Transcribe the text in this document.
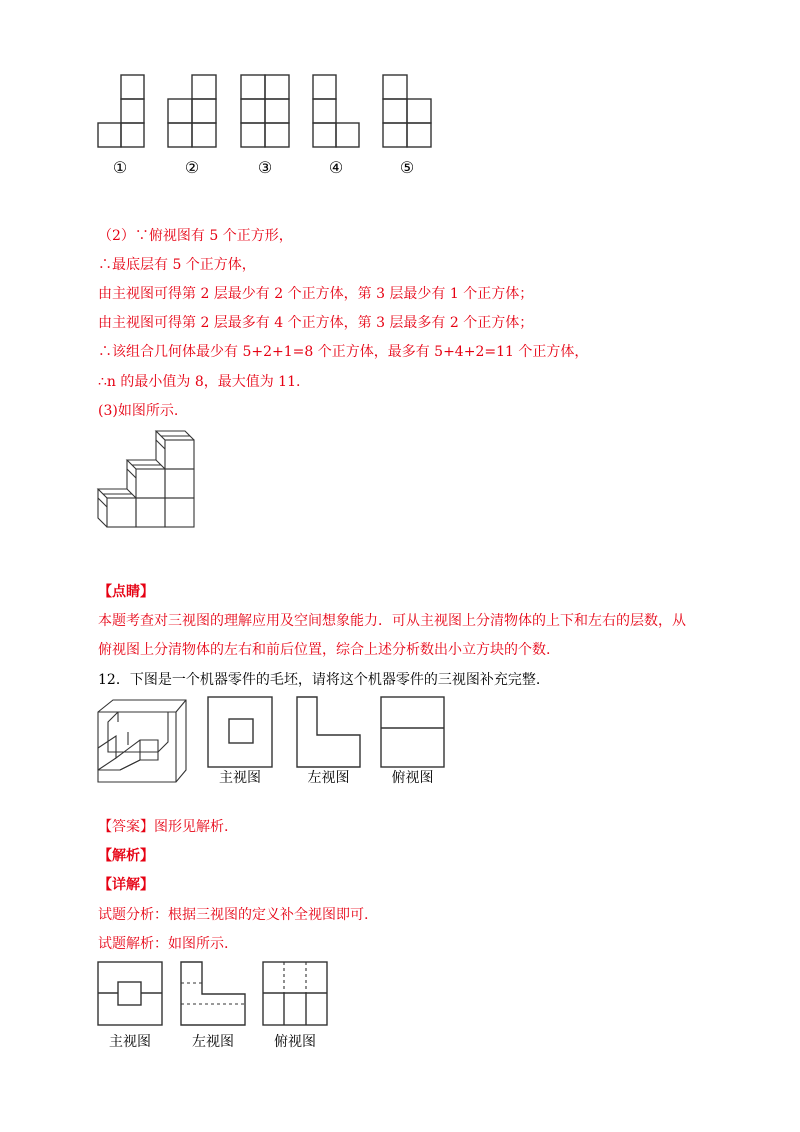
①	②	③	④	⑤
（2）∵俯视图有 5 个正方形，
∴最底层有 5 个正方体，
由主视图可得第 2 层最少有 2 个正方体，第 3 层最少有 1 个正方体；
由主视图可得第 2 层最多有 4 个正方体，第 3 层最多有 2 个正方体；
∴该组合几何体最少有 5+2+1=8 个正方体，最多有 5+4+2=11 个正方体，
∴n 的最小值为 8，最大值为 11.
(3)如图所示.
【点睛】
本题考查对三视图的理解应用及空间想象能力．可从主视图上分清物体的上下和左右的层数，从
俯视图上分清物体的左右和前后位置，综合上述分析数出小立方块的个数.
12．下图是一个机器零件的毛坯，请将这个机器零件的三视图补充完整.
主视图	左视图	俯视图
【答案】图形见解析.
【解析】
【详解】
试题分析：根据三视图的定义补全视图即可.
试题解析：如图所示.
主视图	左视图	俯视图
